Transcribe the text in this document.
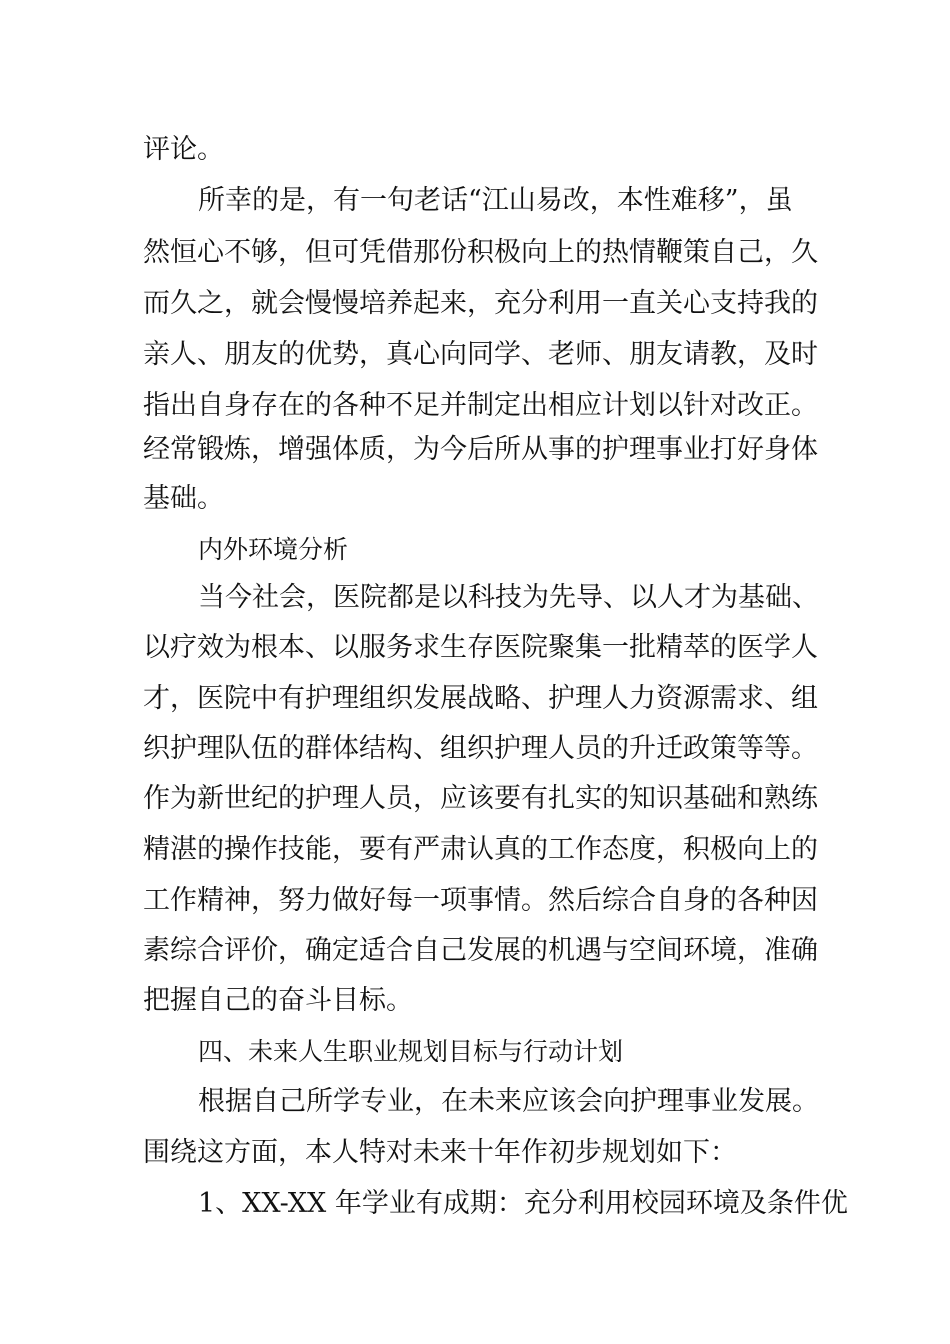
评论。

所幸的是，有一句老话“江山易改，本性难移”，虽

然恒心不够，但可凭借那份积极向上的热情鞭策自己，久

而久之，就会慢慢培养起来，充分利用一直关心支持我的

亲人、朋友的优势，真心向同学、老师、朋友请教，及时

指出自身存在的各种不足并制定出相应计划以针对改正。

经常锻炼，增强体质，为今后所从事的护理事业打好身体

基础。

内外环境分析

当今社会，医院都是以科技为先导、以人才为基础、

以疗效为根本、以服务求生存医院聚集一批精萃的医学人

才，医院中有护理组织发展战略、护理人力资源需求、组

织护理队伍的群体结构、组织护理人员的升迁政策等等。

作为新世纪的护理人员，应该要有扎实的知识基础和熟练

精湛的操作技能，要有严肃认真的工作态度，积极向上的

工作精神，努力做好每一项事情。然后综合自身的各种因

素综合评价，确定适合自己发展的机遇与空间环境，准确

把握自己的奋斗目标。

四、未来人生职业规划目标与行动计划

根据自己所学专业，在未来应该会向护理事业发展。

围绕这方面，本人特对未来十年作初步规划如下：

1、XX-XX 年学业有成期：充分利用校园环境及条件优
